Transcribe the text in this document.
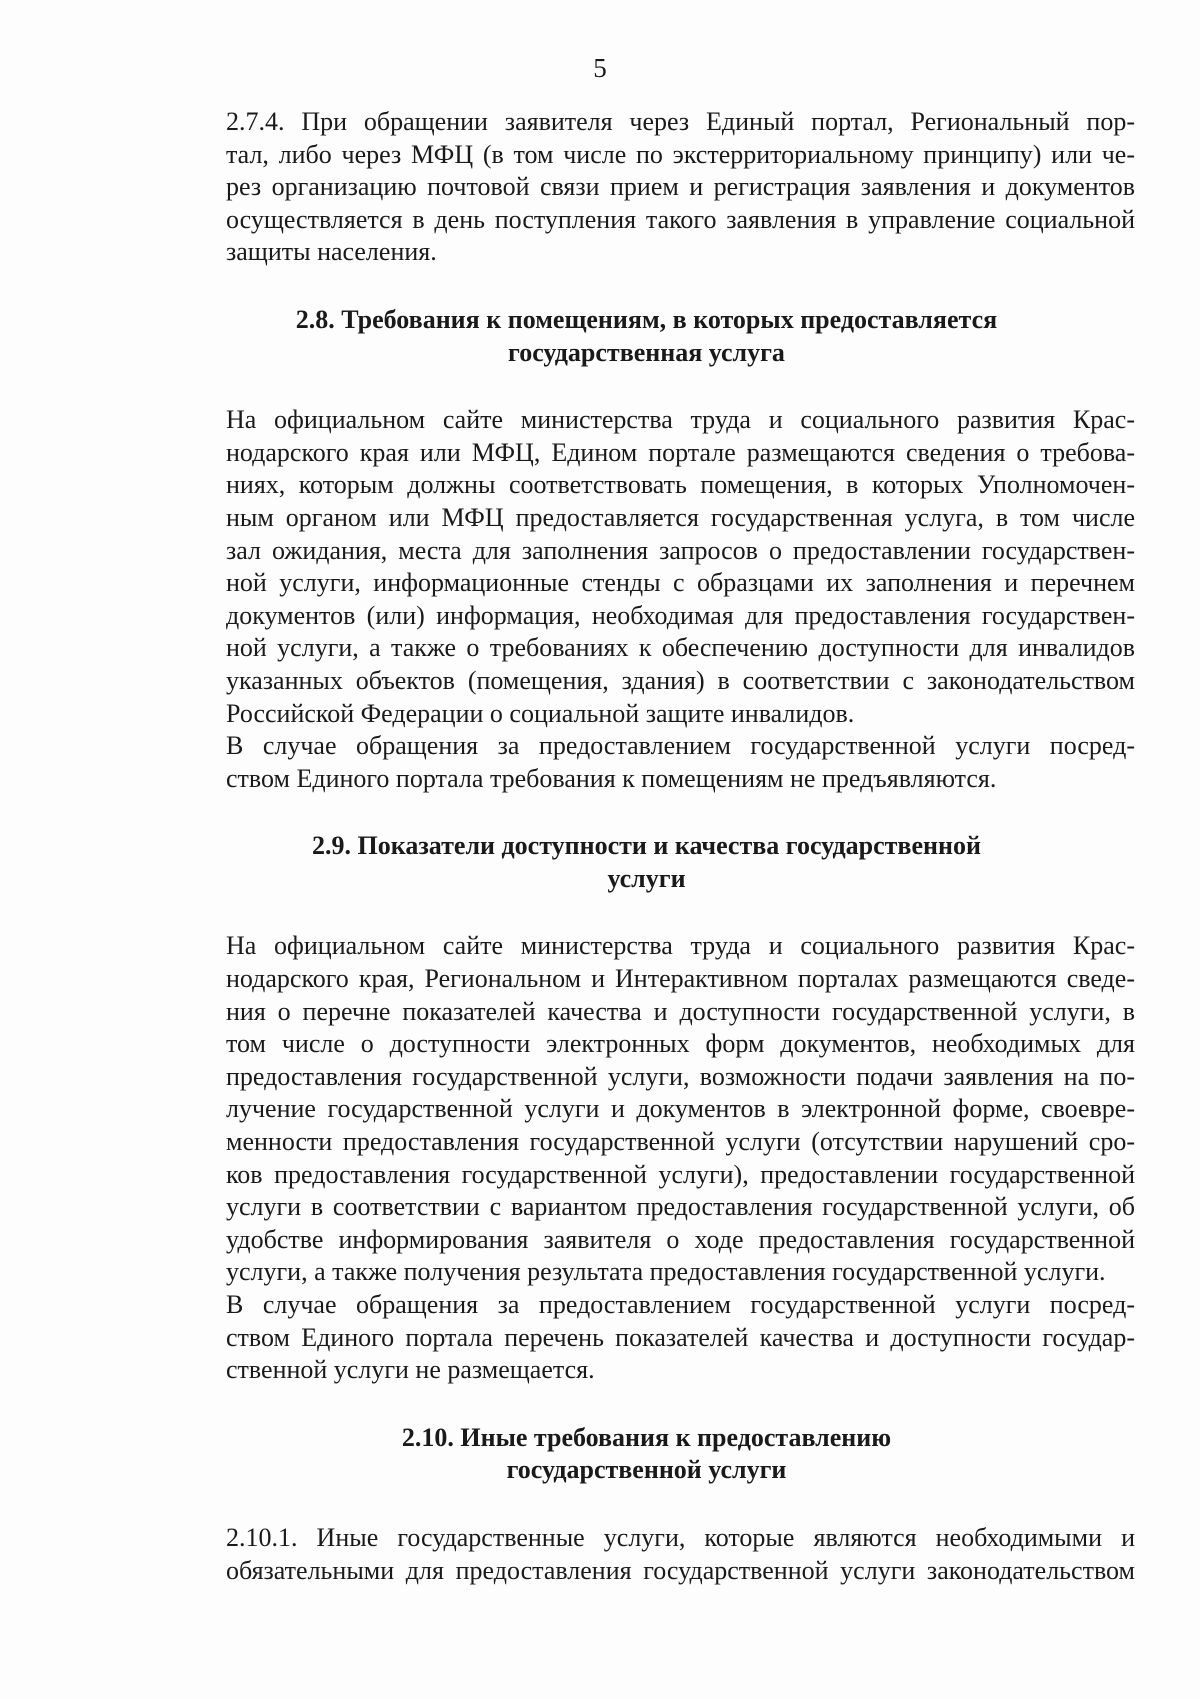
5

2.7.4. При обращении заявителя через Единый портал, Региональный пор-
тал, либо через МФЦ (в том числе по экстерриториальному принципу) или че-
рез организацию почтовой связи прием и регистрация заявления и документов
осуществляется в день поступления такого заявления в управление социальной
защиты населения.

2.8. Требования к помещениям, в которых предоставляется
государственная услуга

На официальном сайте министерства труда и социального развития Крас-
нодарского края или МФЦ, Едином портале размещаются сведения о требова-
ниях, которым должны соответствовать помещения, в которых Уполномочен-
ным органом или МФЦ предоставляется государственная услуга, в том числе
зал ожидания, места для заполнения запросов о предоставлении государствен-
ной услуги, информационные стенды с образцами их заполнения и перечнем
документов (или) информация, необходимая для предоставления государствен-
ной услуги, а также о требованиях к обеспечению доступности для инвалидов
указанных объектов (помещения, здания) в соответствии с законодательством
Российской Федерации о социальной защите инвалидов.

В случае обращения за предоставлением государственной услуги посред-
ством Единого портала требования к помещениям не предъявляются.

2.9. Показатели доступности и качества государственной
услуги

На официальном сайте министерства труда и социального развития Крас-
нодарского края, Региональном и Интерактивном порталах размещаются сведе-
ния о перечне показателей качества и доступности государственной услуги, в
том числе о доступности электронных форм документов, необходимых для
предоставления государственной услуги, возможности подачи заявления на по-
лучение государственной услуги и документов в электронной форме, своевре-
менности предоставления государственной услуги (отсутствии нарушений сро-
ков предоставления государственной услуги), предоставлении государственной
услуги в соответствии с вариантом предоставления государственной услуги, об
удобстве информирования заявителя о ходе предоставления государственной
услуги, а также получения результата предоставления государственной услуги.

В случае обращения за предоставлением государственной услуги посред-
ством Единого портала перечень показателей качества и доступности государ-
ственной услуги не размещается.

2.10. Иные требования к предоставлению
государственной услуги

2.10.1. Иные государственные услуги, которые являются необходимыми и
обязательными для предоставления государственной услуги законодательством
